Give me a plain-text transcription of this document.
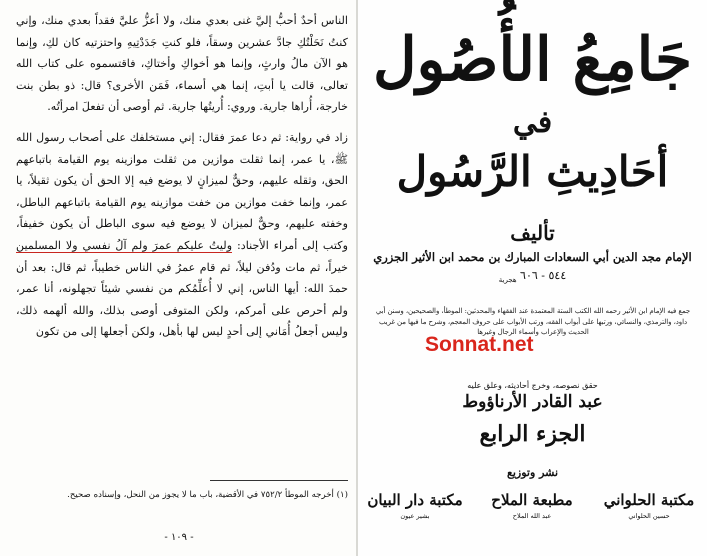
الناس أحدٌ أحبُّ إليَّ غنى بعدي منك، ولا أعزُّ عليَّ فقداً بعدي منك، وإني كنتُ نَحَلْتُكِ جادَّ عشرين وسقاً، فلو كنتِ جَدَدْتِيهِ واحتزتيه كان لكِ، وإنما هو الآن مالُ وارثٍ، وإنما هو أخواكِ وأختاكِ، فاقتسموه على كتاب الله تعالى، قالت يا أبتِ، إنما هي أسماء، فَمَن الأخرى؟ قال: ذو بطن بنت خارجة، أُراها جارية. وروي: أُريتُها جارية. ثم أوصى أن تفعلَ امرأتُه.

زاد في رواية: ثم دعا عمرَ فقال: إني مستخلفك على أصحاب رسول الله ﷺ، يا عمر، إنما ثقلت موازين من ثقلت موازينه يوم القيامة باتباعهم الحق، وثقله عليهم، وحقٌّ لميزانٍ لا يوضع فيه إلا الحق أن يكون ثقيلاً، يا عمر، وإنما خفت موازين من خفت موازينه يوم القيامة باتباعهم الباطل، وخفته عليهم، وحقٌّ لميزان لا يوضع فيه سوى الباطل أن يكون خفيفاً، وكتب إلى أمراء الأجناد: وليتُ عليكم عمرَ ولم آلُ نفسي ولا المسلمين خيراً، ثم مات ودُفن ليلاً، ثم قام عمرُ في الناس خطيباً، ثم قال: بعد أن حمدَ الله: أيها الناس، إني لا أُعلِّمُكم من نفسي شيئاً تجهلونه، أنا عمر، ولم أحرص على أمركم، ولكن المتوفى أوصى بذلك، والله ألهمه ذلك، وليس أجعلُ أُمَاني إلى أحدٍ ليس لها بأهل، ولكن أجعلها إلى من تكون

(١) أخرجه الموطأ ٧٥٢/٢ في الأقضية، باب ما لا يجوز من النحل، وإسناده صحيح.
- ١٠٩ -
جَامِعُ الأُصُول
في
أحَادِيثِ الرَّسُول
تأليف
الإمام مجد الدين أبي السعادات المبارك بن محمد ابن الأثير الجزري
٥٤٤ - ٦٠٦ $_{هجرية}$
جمع فيه الإمام ابن الأثير رحمه الله الكتب الستة المعتمدة عند الفقهاء والمحدثين: الموطأ، والصحيحين، وسنن أبي داود، والترمذي، والنسائي، ورتبها على أبواب الفقه، ورتب الأبواب على حروف المعجم، وشرح ما فيها من غريب الحديث والإعراب وأسماء الرجال وغيرها
Sonnat.net
حقق نصوصه، وخرج أحاديثه، وعلق عليه
عبد القادر الأرناؤوط
الجزء الرابع
نشر وتوزيع
مكتبة دار البيان
بشير عيون
مطبعة الملاح
عبد الله الملاح
مكتبة الحلواني
حسين الحلواني
